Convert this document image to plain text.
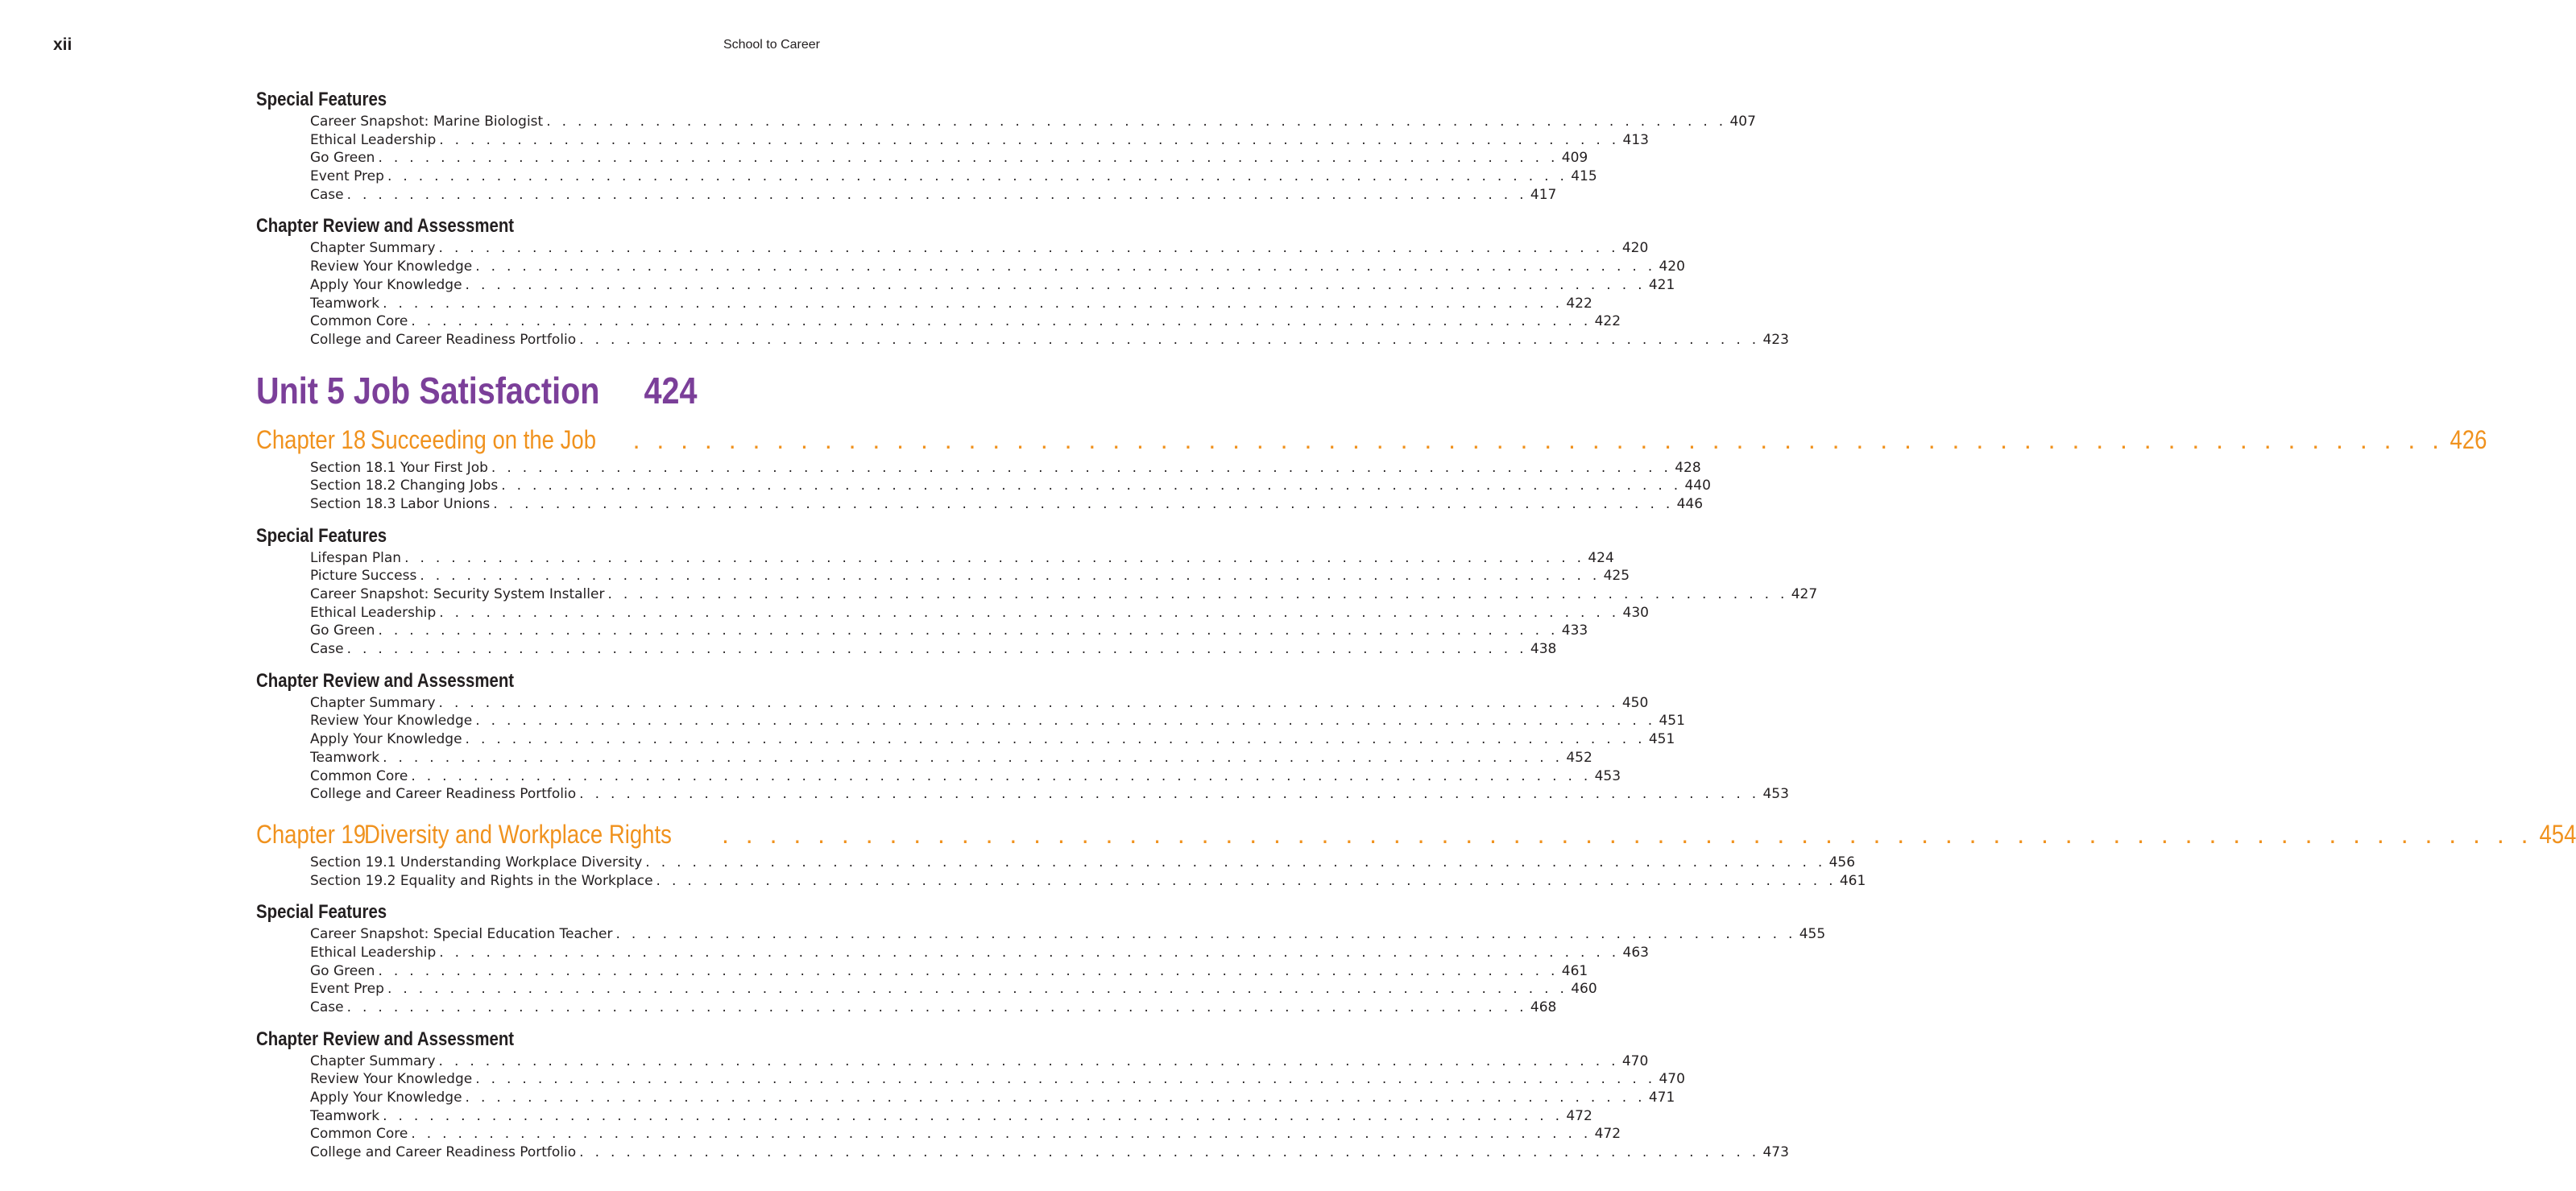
xii	School to Career
Special Features
Career Snapshot: Marine Biologist . . . . . . . . . . . . . . . . . . . . . . . . . . . . . . . . . . . . . . . . . . . . . . . . . . . . . . . . . . . . . . . . . . . . . . . . . . . . 407
Ethical Leadership . . . . . . . . . . . . . . . . . . . . . . . . . . . . . . . . . . . . . . . . . . . . . . . . . . . . . . . . . . . . . . . . . . . . . . . . . . . . 413
Go Green . . . . . . . . . . . . . . . . . . . . . . . . . . . . . . . . . . . . . . . . . . . . . . . . . . . . . . . . . . . . . . . . . . . . . . . . . . . . 409
Event Prep . . . . . . . . . . . . . . . . . . . . . . . . . . . . . . . . . . . . . . . . . . . . . . . . . . . . . . . . . . . . . . . . . . . . . . . . . . . . 415
Case . . . . . . . . . . . . . . . . . . . . . . . . . . . . . . . . . . . . . . . . . . . . . . . . . . . . . . . . . . . . . . . . . . . . . . . . . . . . 417
Chapter Review and Assessment
Chapter Summary . . . . . . . . . . . . . . . . . . . . . . . . . . . . . . . . . . . . . . . . . . . . . . . . . . . . . . . . . . . . . . . . . . . . . . . . . . . . 420
Review Your Knowledge . . . . . . . . . . . . . . . . . . . . . . . . . . . . . . . . . . . . . . . . . . . . . . . . . . . . . . . . . . . . . . . . . . . . . . . . . . . . 420
Apply Your Knowledge . . . . . . . . . . . . . . . . . . . . . . . . . . . . . . . . . . . . . . . . . . . . . . . . . . . . . . . . . . . . . . . . . . . . . . . . . . . . 421
Teamwork . . . . . . . . . . . . . . . . . . . . . . . . . . . . . . . . . . . . . . . . . . . . . . . . . . . . . . . . . . . . . . . . . . . . . . . . . . . . 422
Common Core . . . . . . . . . . . . . . . . . . . . . . . . . . . . . . . . . . . . . . . . . . . . . . . . . . . . . . . . . . . . . . . . . . . . . . . . . . . . 422
College and Career Readiness Portfolio . . . . . . . . . . . . . . . . . . . . . . . . . . . . . . . . . . . . . . . . . . . . . . . . . . . . . . . . . . . . . . . . . . . . . . . . . . . . 423
Unit 5 Job Satisfaction 424
Chapter 18 Succeeding on the Job . . . . . . . . . . . . . . . . . . . . . . . . . . . . . . . . . . . . . . . . . . . . . . . . . . . . . . . . . . . . . . . . . . . . . . . . . . . . 426
Section 18.1 Your First Job . . . . . . . . . . . . . . . . . . . . . . . . . . . . . . . . . . . . . . . . . . . . . . . . . . . . . . . . . . . . . . . . . . . . . . . . . . . . 428
Section 18.2 Changing Jobs . . . . . . . . . . . . . . . . . . . . . . . . . . . . . . . . . . . . . . . . . . . . . . . . . . . . . . . . . . . . . . . . . . . . . . . . . . . . 440
Section 18.3 Labor Unions . . . . . . . . . . . . . . . . . . . . . . . . . . . . . . . . . . . . . . . . . . . . . . . . . . . . . . . . . . . . . . . . . . . . . . . . . . . . 446
Special Features
Lifespan Plan . . . . . . . . . . . . . . . . . . . . . . . . . . . . . . . . . . . . . . . . . . . . . . . . . . . . . . . . . . . . . . . . . . . . . . . . . . . . 424
Picture Success . . . . . . . . . . . . . . . . . . . . . . . . . . . . . . . . . . . . . . . . . . . . . . . . . . . . . . . . . . . . . . . . . . . . . . . . . . . . 425
Career Snapshot: Security System Installer . . . . . . . . . . . . . . . . . . . . . . . . . . . . . . . . . . . . . . . . . . . . . . . . . . . . . . . . . . . . . . . . . . . . . . . . . . . . 427
Ethical Leadership . . . . . . . . . . . . . . . . . . . . . . . . . . . . . . . . . . . . . . . . . . . . . . . . . . . . . . . . . . . . . . . . . . . . . . . . . . . . 430
Go Green . . . . . . . . . . . . . . . . . . . . . . . . . . . . . . . . . . . . . . . . . . . . . . . . . . . . . . . . . . . . . . . . . . . . . . . . . . . . 433
Case . . . . . . . . . . . . . . . . . . . . . . . . . . . . . . . . . . . . . . . . . . . . . . . . . . . . . . . . . . . . . . . . . . . . . . . . . . . . 438
Chapter Review and Assessment
Chapter Summary . . . . . . . . . . . . . . . . . . . . . . . . . . . . . . . . . . . . . . . . . . . . . . . . . . . . . . . . . . . . . . . . . . . . . . . . . . . . 450
Review Your Knowledge . . . . . . . . . . . . . . . . . . . . . . . . . . . . . . . . . . . . . . . . . . . . . . . . . . . . . . . . . . . . . . . . . . . . . . . . . . . . 451
Apply Your Knowledge . . . . . . . . . . . . . . . . . . . . . . . . . . . . . . . . . . . . . . . . . . . . . . . . . . . . . . . . . . . . . . . . . . . . . . . . . . . . 451
Teamwork . . . . . . . . . . . . . . . . . . . . . . . . . . . . . . . . . . . . . . . . . . . . . . . . . . . . . . . . . . . . . . . . . . . . . . . . . . . . 452
Common Core . . . . . . . . . . . . . . . . . . . . . . . . . . . . . . . . . . . . . . . . . . . . . . . . . . . . . . . . . . . . . . . . . . . . . . . . . . . . 453
College and Career Readiness Portfolio . . . . . . . . . . . . . . . . . . . . . . . . . . . . . . . . . . . . . . . . . . . . . . . . . . . . . . . . . . . . . . . . . . . . . . . . . . . . 453
Chapter 19
Diversity and Workplace Rights . . . . . . . . . . . . . . . . . . . . . . . . . . . . . . . . . . . . . . . . . . . . . . . . . . . . . . . . . . . . . . . . . . . . . . . . . . . . 454
Section 19.1 Understanding Workplace Diversity . . . . . . . . . . . . . . . . . . . . . . . . . . . . . . . . . . . . . . . . . . . . . . . . . . . . . . . . . . . . . . . . . . . . . . . . . . . . 456
Section 19.2 Equality and Rights in the Workplace . . . . . . . . . . . . . . . . . . . . . . . . . . . . . . . . . . . . . . . . . . . . . . . . . . . . . . . . . . . . . . . . . . . . . . . . . . . . 461
Special Features
Career Snapshot: Special Education Teacher . . . . . . . . . . . . . . . . . . . . . . . . . . . . . . . . . . . . . . . . . . . . . . . . . . . . . . . . . . . . . . . . . . . . . . . . . . . . 455
Ethical Leadership . . . . . . . . . . . . . . . . . . . . . . . . . . . . . . . . . . . . . . . . . . . . . . . . . . . . . . . . . . . . . . . . . . . . . . . . . . . . 463
Go Green . . . . . . . . . . . . . . . . . . . . . . . . . . . . . . . . . . . . . . . . . . . . . . . . . . . . . . . . . . . . . . . . . . . . . . . . . . . . 461
Event Prep . . . . . . . . . . . . . . . . . . . . . . . . . . . . . . . . . . . . . . . . . . . . . . . . . . . . . . . . . . . . . . . . . . . . . . . . . . . . 460
Case . . . . . . . . . . . . . . . . . . . . . . . . . . . . . . . . . . . . . . . . . . . . . . . . . . . . . . . . . . . . . . . . . . . . . . . . . . . . 468
Chapter Review and Assessment
Chapter Summary . . . . . . . . . . . . . . . . . . . . . . . . . . . . . . . . . . . . . . . . . . . . . . . . . . . . . . . . . . . . . . . . . . . . . . . . . . . . 470
Review Your Knowledge . . . . . . . . . . . . . . . . . . . . . . . . . . . . . . . . . . . . . . . . . . . . . . . . . . . . . . . . . . . . . . . . . . . . . . . . . . . . 470
Apply Your Knowledge . . . . . . . . . . . . . . . . . . . . . . . . . . . . . . . . . . . . . . . . . . . . . . . . . . . . . . . . . . . . . . . . . . . . . . . . . . . . 471
Teamwork . . . . . . . . . . . . . . . . . . . . . . . . . . . . . . . . . . . . . . . . . . . . . . . . . . . . . . . . . . . . . . . . . . . . . . . . . . . . 472
Common Core . . . . . . . . . . . . . . . . . . . . . . . . . . . . . . . . . . . . . . . . . . . . . . . . . . . . . . . . . . . . . . . . . . . . . . . . . . . . 472
College and Career Readiness Portfolio . . . . . . . . . . . . . . . . . . . . . . . . . . . . . . . . . . . . . . . . . . . . . . . . . . . . . . . . . . . . . . . . . . . . . . . . . . . . 473
